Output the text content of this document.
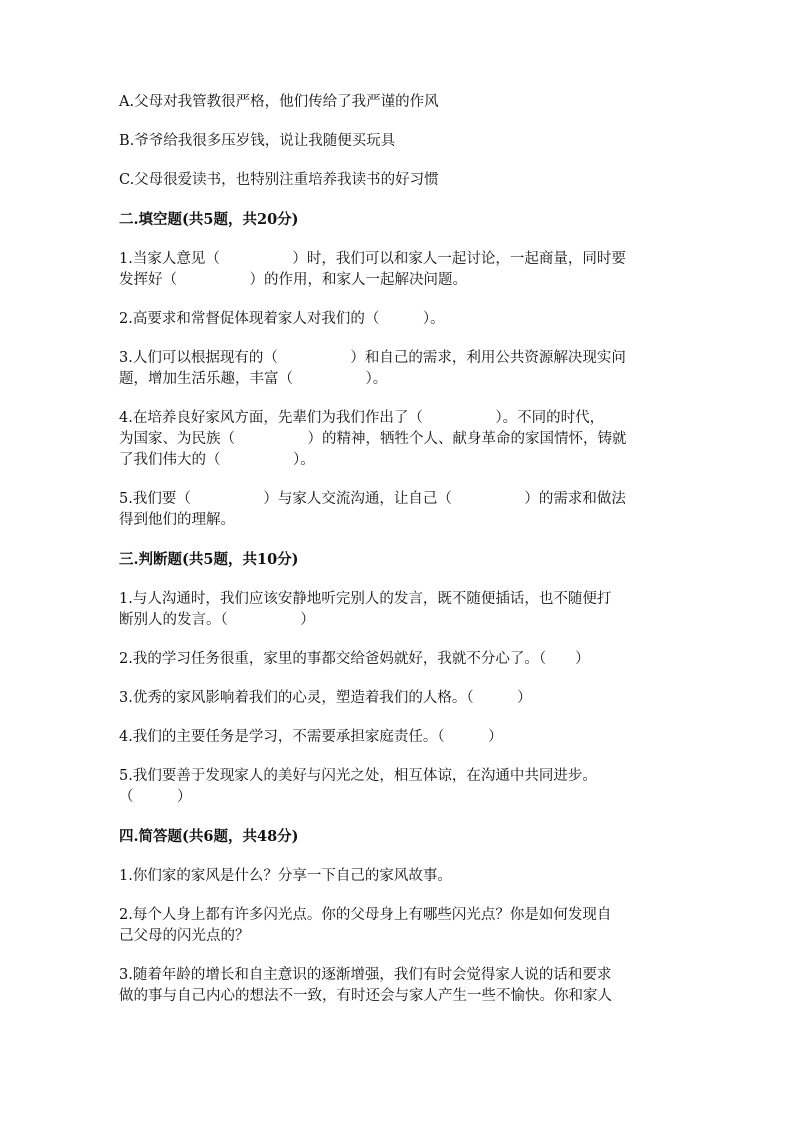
A.父母对我管教很严格，他们传给了我严谨的作风

B.爷爷给我很多压岁钱，说让我随便买玩具

C.父母很爱读书，也特别注重培养我读书的好习惯

二.填空题(共5题，共20分)

1.当家人意见（　　　　　）时，我们可以和家人一起讨论，一起商量，同时要

发挥好（　　　　　）的作用，和家人一起解决问题。

2.高要求和常督促体现着家人对我们的（　　　）。

3.人们可以根据现有的（　　　　　）和自己的需求，利用公共资源解决现实问

题，增加生活乐趣，丰富（　　　　　）。

4.在培养良好家风方面，先辈们为我们作出了（　　　　　）。不同的时代，

为国家、为民族（　　　　　）的精神，牺牲个人、献身革命的家国情怀，铸就

了我们伟大的（　　　　　）。

5.我们要（　　　　　）与家人交流沟通，让自己（　　　　　）的需求和做法

得到他们的理解。

三.判断题(共5题，共10分)

1.与人沟通时，我们应该安静地听完别人的发言，既不随便插话，也不随便打

断别人的发言。（　　　　　）

2.我的学习任务很重，家里的事都交给爸妈就好，我就不分心了。（　　）

3.优秀的家风影响着我们的心灵，塑造着我们的人格。（　　　）

4.我们的主要任务是学习，不需要承担家庭责任。（　　　）

5.我们要善于发现家人的美好与闪光之处，相互体谅，在沟通中共同进步。

（　　　）

四.简答题(共6题，共48分)

1.你们家的家风是什么？分享一下自己的家风故事。

2.每个人身上都有许多闪光点。你的父母身上有哪些闪光点？你是如何发现自

己父母的闪光点的？

3.随着年龄的增长和自主意识的逐渐增强，我们有时会觉得家人说的话和要求

做的事与自己内心的想法不一致，有时还会与家人产生一些不愉快。你和家人
